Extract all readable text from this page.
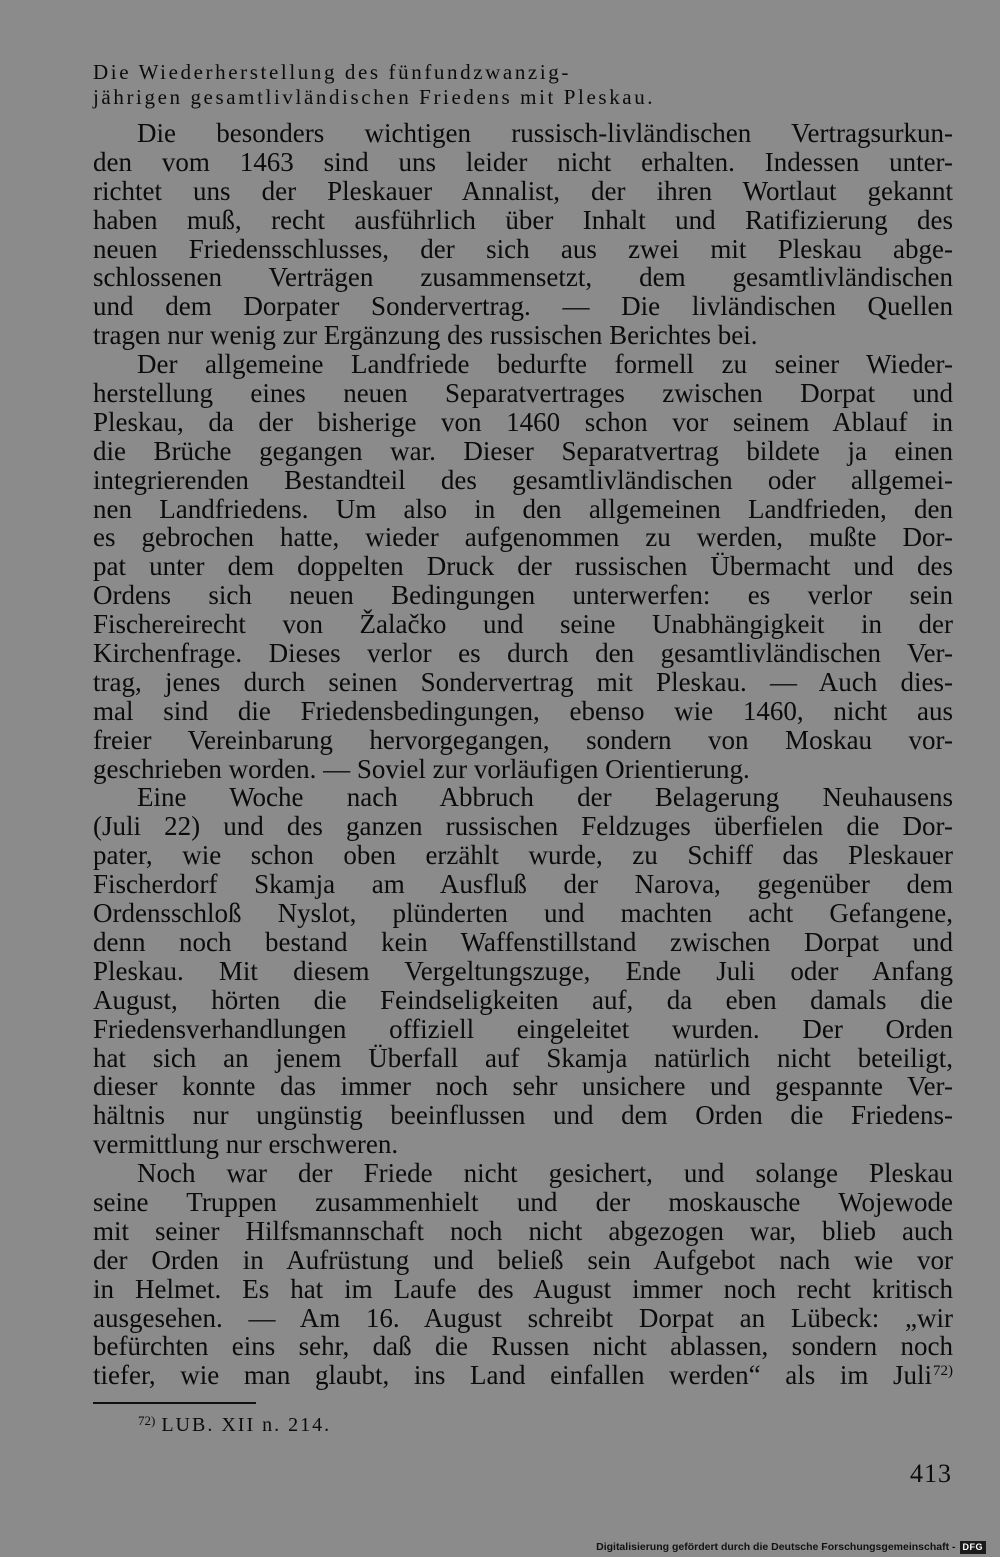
Die Wiederherstellung des fünfundzwanzig-
jährigen gesamtlivländischen Friedens mit Pleskau.
Die besonders wichtigen russisch-livländischen Vertragsurkun-
den vom 1463 sind uns leider nicht erhalten. Indessen unter-
richtet uns der Pleskauer Annalist, der ihren Wortlaut gekannt
haben muß, recht ausführlich über Inhalt und Ratifizierung des
neuen Friedensschlusses, der sich aus zwei mit Pleskau abge-
schlossenen Verträgen zusammensetzt, dem gesamtlivländischen
und dem Dorpater Sondervertrag. — Die livländischen Quellen
tragen nur wenig zur Ergänzung des russischen Berichtes bei.
Der allgemeine Landfriede bedurfte formell zu seiner Wieder-
herstellung eines neuen Separatvertrages zwischen Dorpat und
Pleskau, da der bisherige von 1460 schon vor seinem Ablauf in
die Brüche gegangen war. Dieser Separatvertrag bildete ja einen
integrierenden Bestandteil des gesamtlivländischen oder allgemei-
nen Landfriedens. Um also in den allgemeinen Landfrieden, den
es gebrochen hatte, wieder aufgenommen zu werden, mußte Dor-
pat unter dem doppelten Druck der russischen Übermacht und des
Ordens sich neuen Bedingungen unterwerfen: es verlor sein
Fischereirecht von Žalačko und seine Unabhängigkeit in der
Kirchenfrage. Dieses verlor es durch den gesamtlivländischen Ver-
trag, jenes durch seinen Sondervertrag mit Pleskau. — Auch dies-
mal sind die Friedensbedingungen, ebenso wie 1460, nicht aus
freier Vereinbarung hervorgegangen, sondern von Moskau vor-
geschrieben worden. — Soviel zur vorläufigen Orientierung.
Eine Woche nach Abbruch der Belagerung Neuhausens
(Juli 22) und des ganzen russischen Feldzuges überfielen die Dor-
pater, wie schon oben erzählt wurde, zu Schiff das Pleskauer
Fischerdorf Skamja am Ausfluß der Narova, gegenüber dem
Ordensschloß Nyslot, plünderten und machten acht Gefangene,
denn noch bestand kein Waffenstillstand zwischen Dorpat und
Pleskau. Mit diesem Vergeltungszuge, Ende Juli oder Anfang
August, hörten die Feindseligkeiten auf, da eben damals die
Friedensverhandlungen offiziell eingeleitet wurden. Der Orden
hat sich an jenem Überfall auf Skamja natürlich nicht beteiligt,
dieser konnte das immer noch sehr unsichere und gespannte Ver-
hältnis nur ungünstig beeinflussen und dem Orden die Friedens-
vermittlung nur erschweren.
Noch war der Friede nicht gesichert, und solange Pleskau
seine Truppen zusammenhielt und der moskausche Wojewode
mit seiner Hilfsmannschaft noch nicht abgezogen war, blieb auch
der Orden in Aufrüstung und beließ sein Aufgebot nach wie vor
in Helmet. Es hat im Laufe des August immer noch recht kritisch
ausgesehen. — Am 16. August schreibt Dorpat an Lübeck: „wir
befürchten eins sehr, daß die Russen nicht ablassen, sondern noch
tiefer, wie man glaubt, ins Land einfallen werden“ als im Juli$^{72)}$
$^{72)}$ LUB. XII n. 214.
413
Digitalisierung gefördert durch die Deutsche Forschungsgemeinschaft - DFG
